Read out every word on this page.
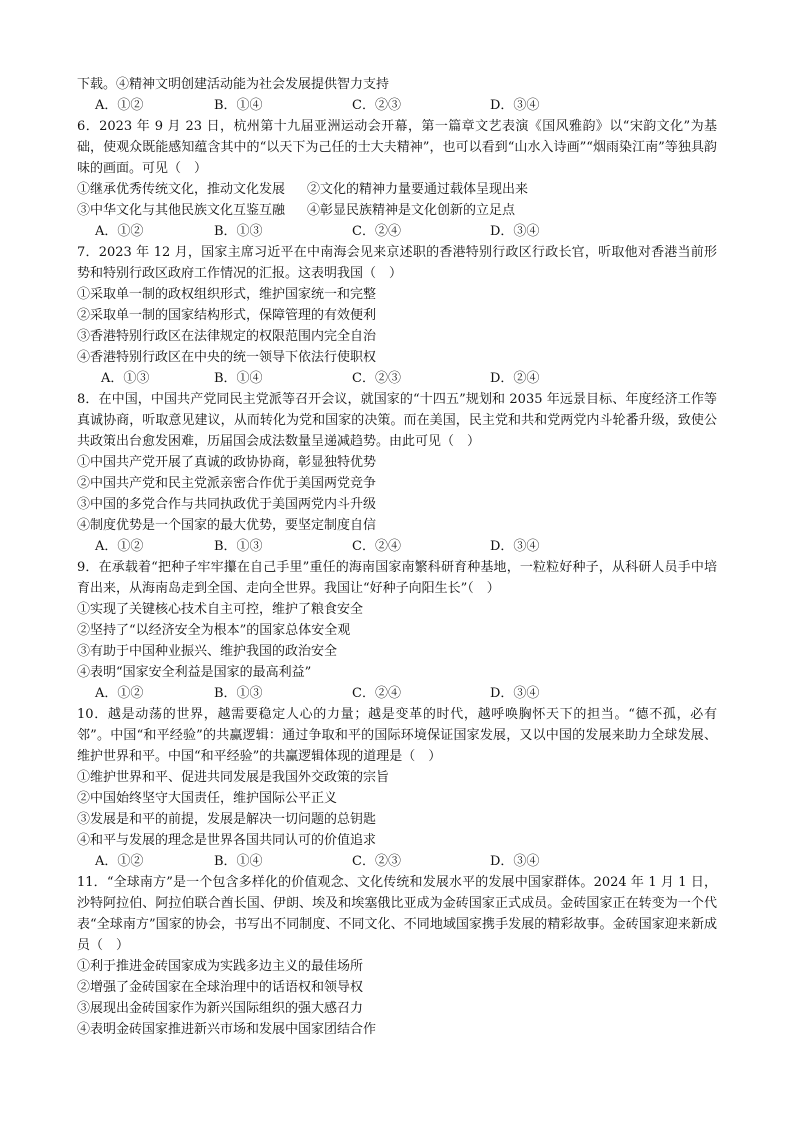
下载。④精神文明创建活动能为社会发展提供智力支持
A．①②	B．①④	C．②③	D．③④

6．2023 年 9 月 23 日，杭州第十九届亚洲运动会开幕，第一篇章文艺表演《国风雅韵》以“宋韵文化”为基础，使观众既能感知蕴含其中的“以天下为己任的士大夫精神”，也可以看到“山水入诗画”“烟雨染江南”等独具韵味的画面。可见（　）

①继承优秀传统文化，推动文化发展 ②文化的精神力量要通过载体呈现出来
③中华文化与其他民族文化互鉴互融 ④彰显民族精神是文化创新的立足点
A．①②	B．①③	C．②④	D．③④

7．2023 年 12 月，国家主席习近平在中南海会见来京述职的香港特别行政区行政长官，听取他对香港当前形势和特别行政区政府工作情况的汇报。这表明我国（　）

①采取单一制的政权组织形式，维护国家统一和完整
②采取单一制的国家结构形式，保障管理的有效便利
③香港特别行政区在法律规定的权限范围内完全自治
④香港特别行政区在中央的统一领导下依法行使职权
A．①③	B．①④	C．②③	D．②④

8．在中国，中国共产党同民主党派等召开会议，就国家的“十四五”规划和 2035 年远景目标、年度经济工作等真诚协商，听取意见建议，从而转化为党和国家的决策。而在美国，民主党和共和党两党内斗轮番升级，致使公共政策出台愈发困难，历届国会成法数量呈递减趋势。由此可见（　）

①中国共产党开展了真诚的政协协商，彰显独特优势
②中国共产党和民主党派亲密合作优于美国两党竞争
③中国的多党合作与共同执政优于美国两党内斗升级
④制度优势是一个国家的最大优势，要坚定制度自信
A．①②	B．①③	C．②④	D．③④

9．在承载着“把种子牢牢攥在自己手里”重任的海南国家南繁科研育种基地，一粒粒好种子，从科研人员手中培育出来，从海南岛走到全国、走向全世界。我国让“好种子向阳生长”（　）

①实现了关键核心技术自主可控，维护了粮食安全
②坚持了“以经济安全为根本”的国家总体安全观
③有助于中国种业振兴、维护我国的政治安全
④表明“国家安全利益是国家的最高利益”
A．①②	B．①③	C．②④	D．③④

10．越是动荡的世界，越需要稳定人心的力量；越是变革的时代，越呼唤胸怀天下的担当。“德不孤，必有邻”。中国“和平经验”的共赢逻辑：通过争取和平的国际环境保证国家发展，又以中国的发展来助力全球发展、维护世界和平。中国“和平经验”的共赢逻辑体现的道理是（　）

①维护世界和平、促进共同发展是我国外交政策的宗旨
②中国始终坚守大国责任，维护国际公平正义
③发展是和平的前提，发展是解决一切问题的总钥匙
④和平与发展的理念是世界各国共同认可的价值追求
A．①②	B．①④	C．②③	D．③④

11．“全球南方”是一个包含多样化的价值观念、文化传统和发展水平的发展中国家群体。2024 年 1 月 1 日，沙特阿拉伯、阿拉伯联合酋长国、伊朗、埃及和埃塞俄比亚成为金砖国家正式成员。金砖国家正在转变为一个代表“全球南方”国家的协会，书写出不同制度、不同文化、不同地域国家携手发展的精彩故事。金砖国家迎来新成员（　）

①利于推进金砖国家成为实践多边主义的最佳场所
②增强了金砖国家在全球治理中的话语权和领导权
③展现出金砖国家作为新兴国际组织的强大感召力
④表明金砖国家推进新兴市场和发展中国家团结合作
